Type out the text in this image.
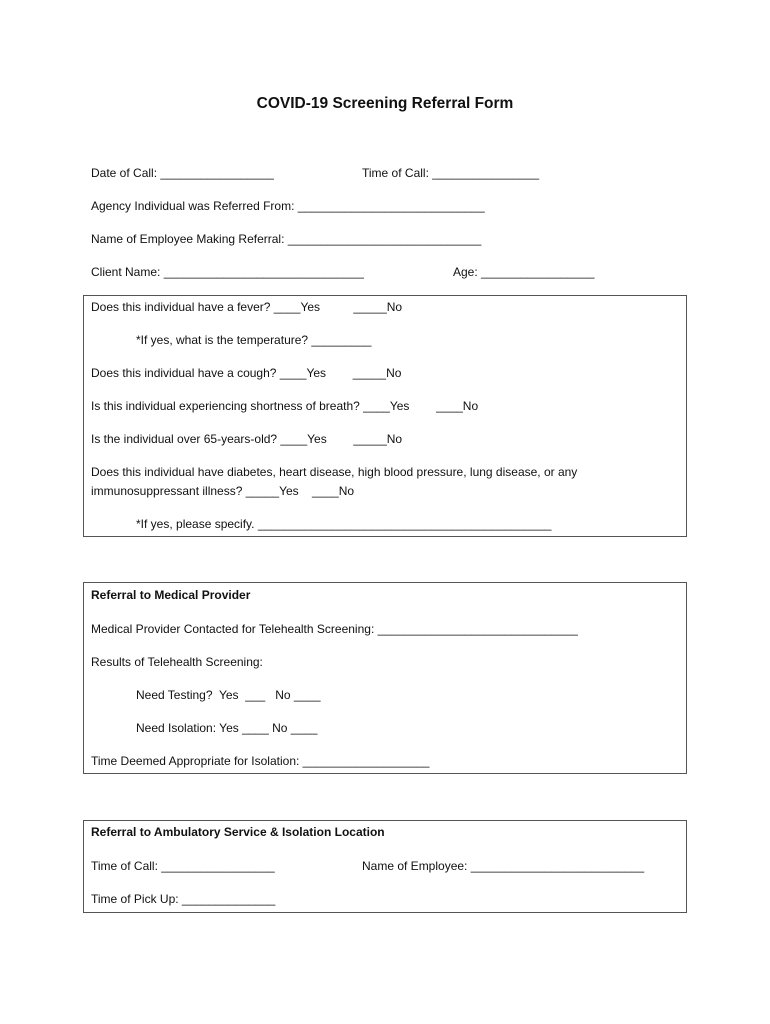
COVID-19 Screening Referral Form
Date of Call: _________________	Time of Call: ________________
Agency Individual was Referred From: ____________________________
Name of Employee Making Referral: _____________________________
Client Name: ______________________________	Age: _________________
Does this individual have a fever? ____Yes          _____No
*If yes, what is the temperature? _________
Does this individual have a cough? ____Yes        _____No
Is this individual experiencing shortness of breath? ____Yes        ____No
Is the individual over 65-years-old? ____Yes        _____No
Does this individual have diabetes, heart disease, high blood pressure, lung disease, or any
immunosuppressant illness? _____Yes    ____No
*If yes, please specify. ____________________________________________
Referral to Medical Provider
Medical Provider Contacted for Telehealth Screening: ______________________________
Results of Telehealth Screening:
Need Testing?  Yes  ___   No ____
Need Isolation: Yes ____ No ____
Time Deemed Appropriate for Isolation: ___________________
Referral to Ambulatory Service & Isolation Location
Time of Call: _________________	Name of Employee: __________________________
Time of Pick Up: ______________
